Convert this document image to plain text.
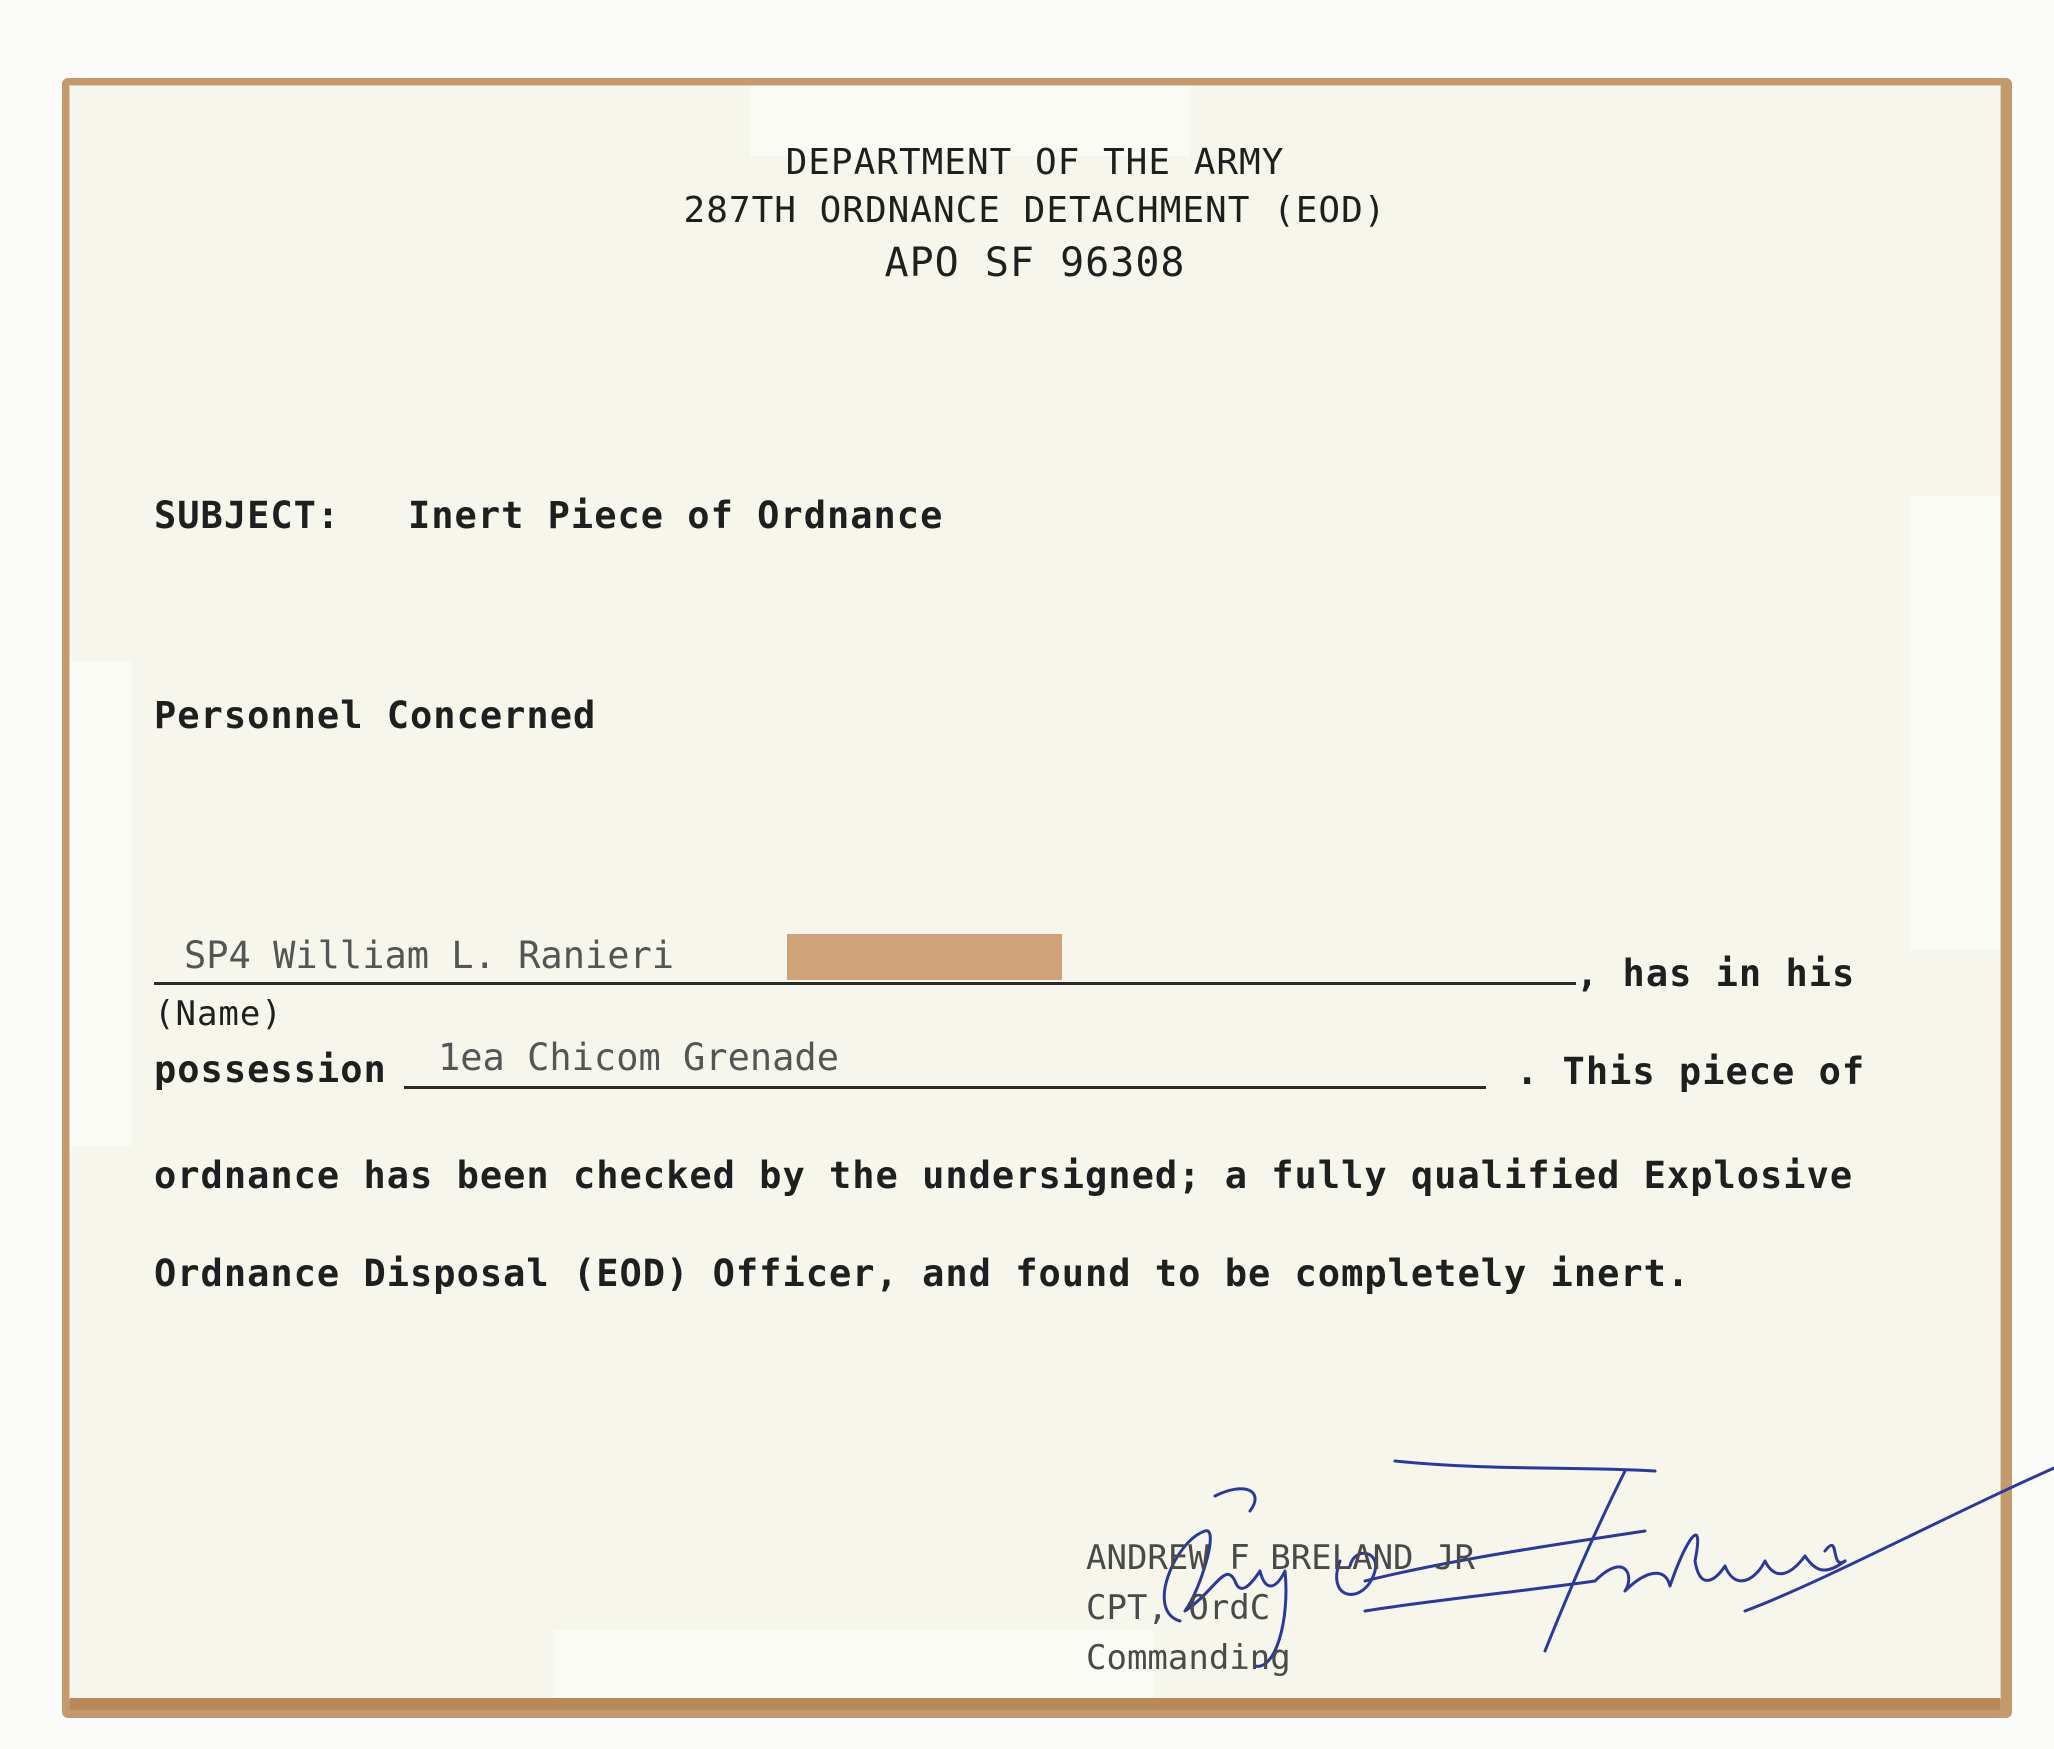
DEPARTMENT OF THE ARMY
287TH ORDNANCE DETACHMENT (EOD)
APO SF 96308
SUBJECT: Inert Piece of Ordnance
Personnel Concerned
SP4 William L. Ranieri	, has in his
(Name)
possession 1ea Chicom Grenade	. This piece of
ordnance has been checked by the undersigned; a fully qualified Explosive
Ordnance Disposal (EOD) Officer, and found to be completely inert.
ANDREW F BRELAND JR
CPT, OrdC
Commanding
